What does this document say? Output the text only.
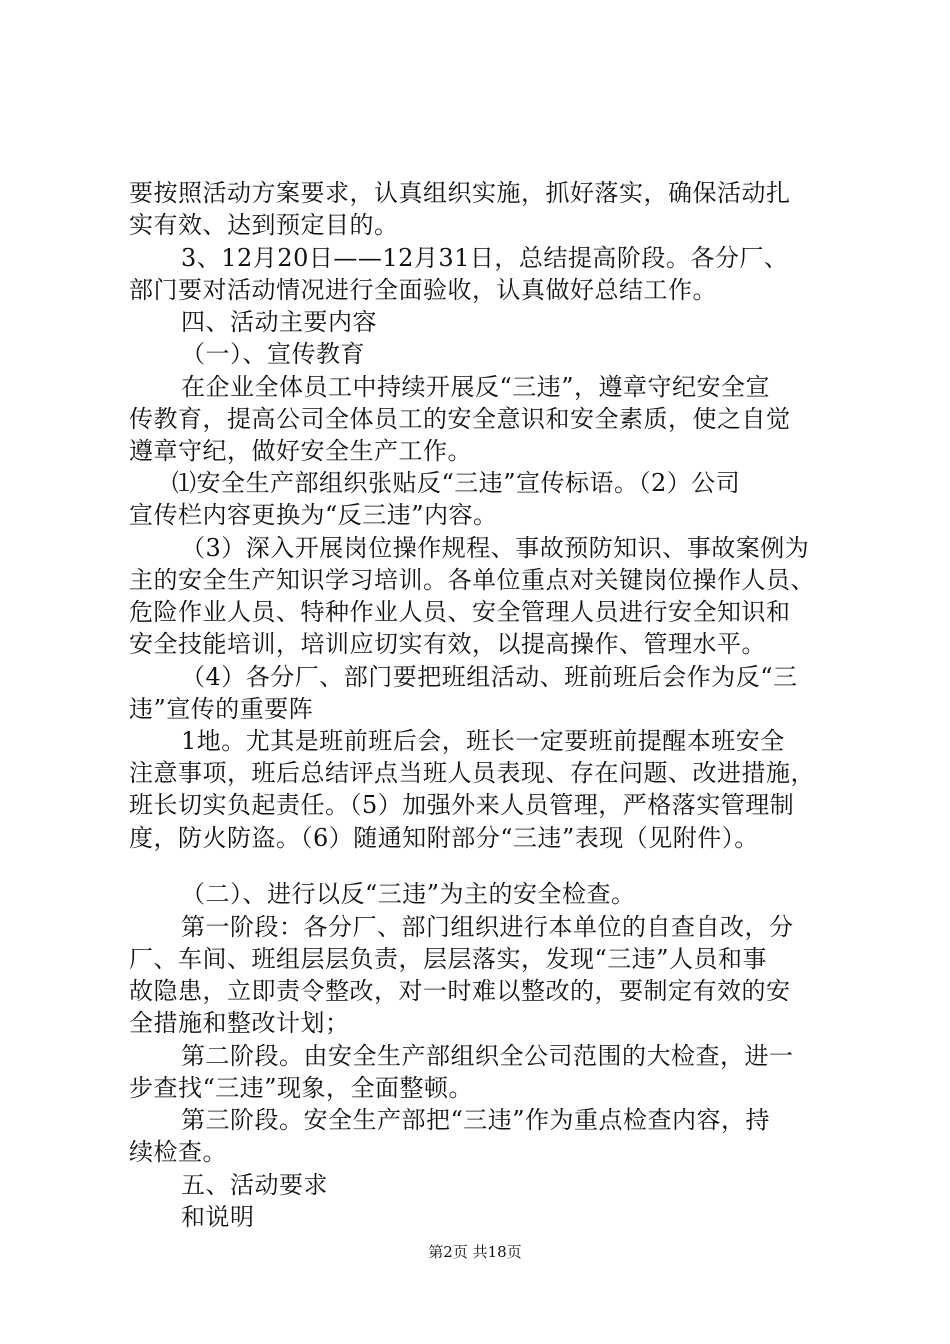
要按照活动方案要求，认真组织实施，抓好落实，确保活动扎
实有效、达到预定目的。
3、12月20日——12月31日，总结提高阶段。各分厂、
部门要对活动情况进行全面验收，认真做好总结工作。
四、活动主要内容
（一）、宣传教育
在企业全体员工中持续开展反“三违”，遵章守纪安全宣
传教育，提高公司全体员工的安全意识和安全素质，使之自觉
遵章守纪，做好安全生产工作。
⑴安全生产部组织张贴反“三违”宣传标语。（2）公司
宣传栏内容更换为“反三违”内容。
（3）深入开展岗位操作规程、事故预防知识、事故案例为
主的安全生产知识学习培训。各单位重点对关键岗位操作人员、
危险作业人员、特种作业人员、安全管理人员进行安全知识和
安全技能培训，培训应切实有效，以提高操作、管理水平。
（4）各分厂、部门要把班组活动、班前班后会作为反“三
违”宣传的重要阵
1地。尤其是班前班后会，班长一定要班前提醒本班安全
注意事项，班后总结评点当班人员表现、存在问题、改进措施，
班长切实负起责任。（5）加强外来人员管理，严格落实管理制
度，防火防盗。（6）随通知附部分“三违”表现（见附件）。
（二）、进行以反“三违”为主的安全检查。
第一阶段：各分厂、部门组织进行本单位的自查自改，分
厂、车间、班组层层负责，层层落实，发现“三违”人员和事
故隐患，立即责令整改，对一时难以整改的，要制定有效的安
全措施和整改计划；
第二阶段。由安全生产部组织全公司范围的大检查，进一
步查找“三违”现象，全面整顿。
第三阶段。安全生产部把“三违”作为重点检查内容，持
续检查。
五、活动要求
和说明
第2页 共18页
